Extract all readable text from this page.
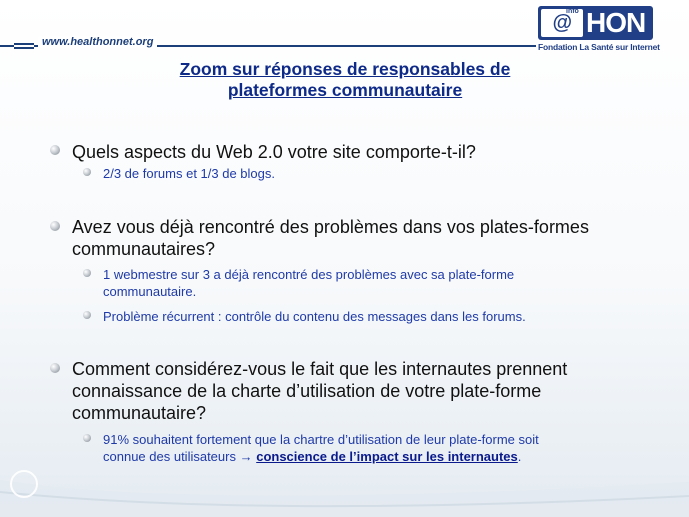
www.healthonnet.org
@
info HON
Fondation La Santé sur Internet
Zoom sur réponses de responsables de
plateformes communautaire
Quels aspects du Web 2.0 votre site comporte-t-il?
2/3 de forums et 1/3 de blogs.
Avez vous déjà rencontré des problèmes dans vos plates-formes
communautaires?
1 webmestre sur 3 a déjà rencontré des problèmes avec sa plate-forme
communautaire.
Problème récurrent : contrôle du contenu des messages dans les forums.
Comment considérez-vous le fait que les internautes prennent
connaissance de la charte d’utilisation de votre plate-forme
communautaire?
91% souhaitent fortement que la chartre d’utilisation de leur plate-forme soit
connue des utilisateurs → conscience de l’impact sur les internautes.
